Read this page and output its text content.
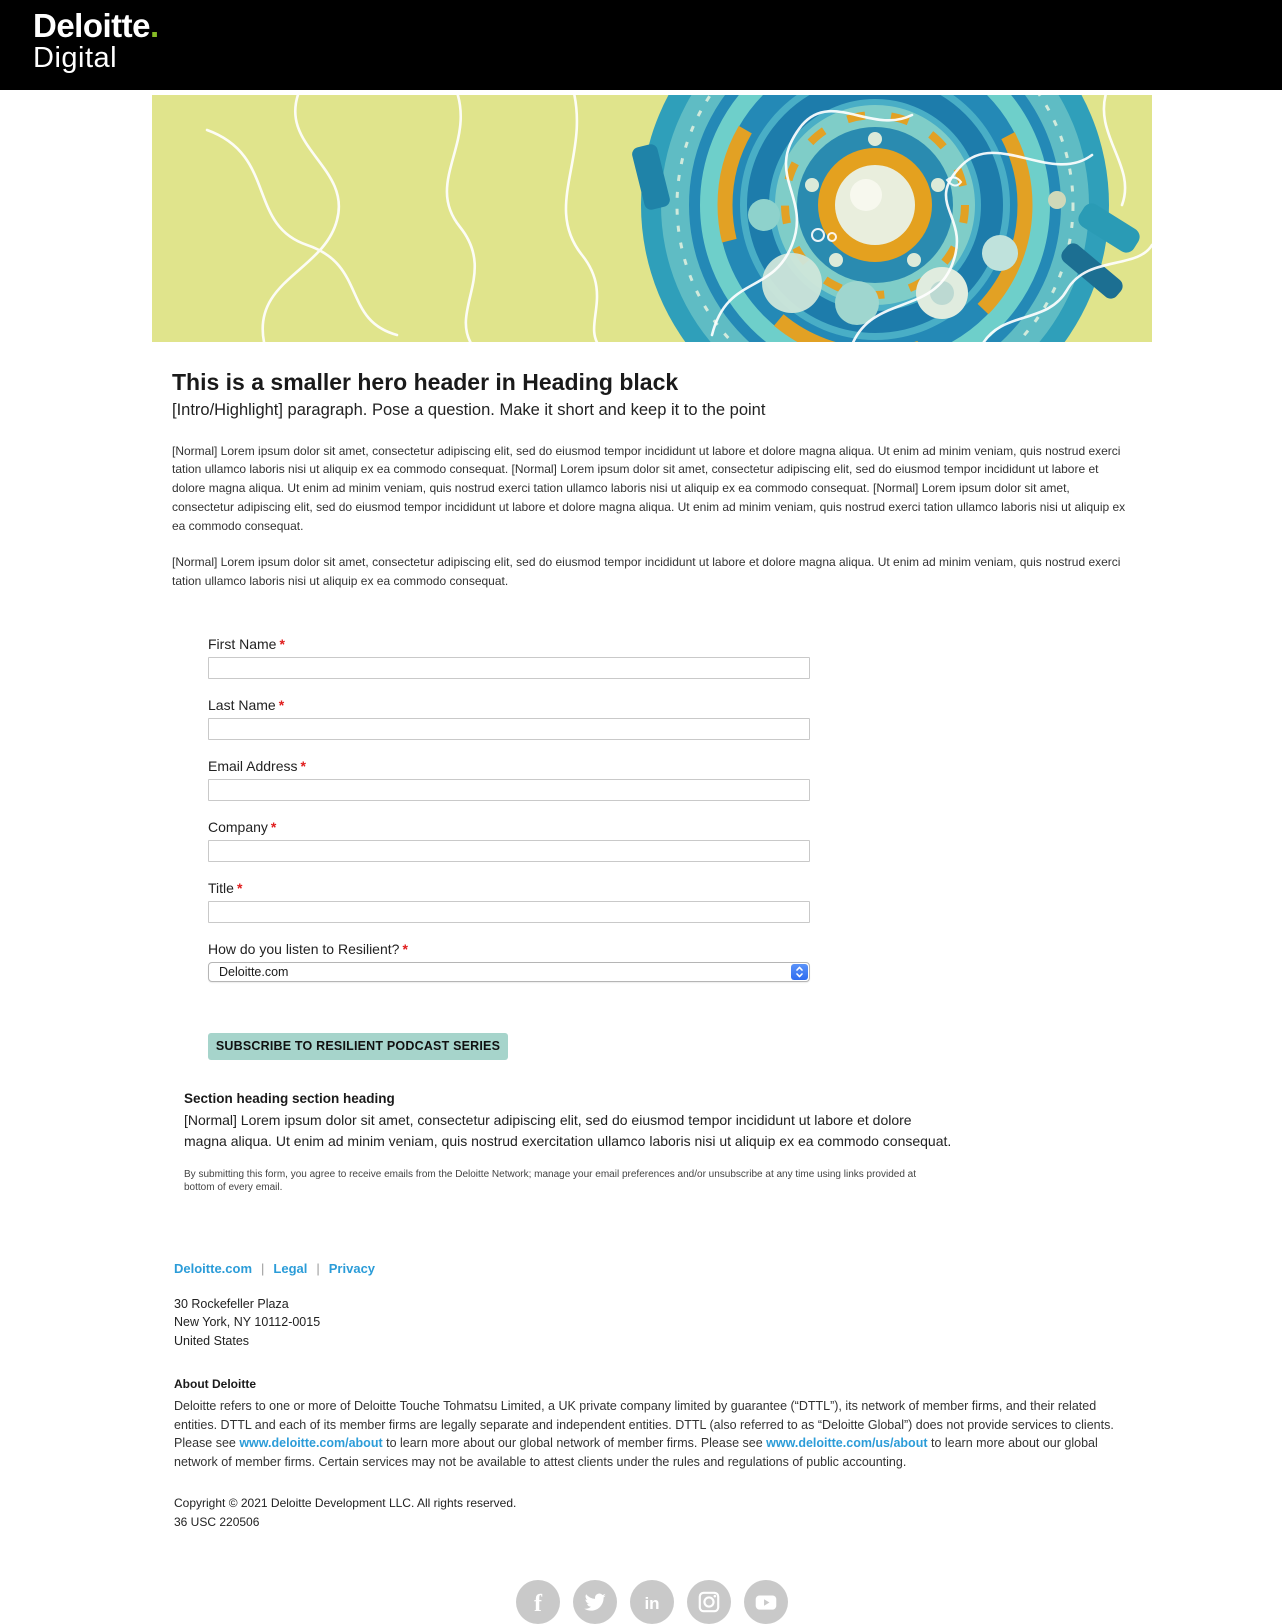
Deloitte.
Digital
This is a smaller hero header in Heading black
[Intro/Highlight] paragraph. Pose a question. Make it short and keep it to the point

[Normal] Lorem ipsum dolor sit amet, consectetur adipiscing elit, sed do eiusmod tempor incididunt ut labore et dolore magna aliqua. Ut enim ad minim veniam, quis nostrud exerci tation ullamco laboris nisi ut aliquip ex ea commodo consequat. [Normal] Lorem ipsum dolor sit amet, consectetur adipiscing elit, sed do eiusmod tempor incididunt ut labore et dolore magna aliqua. Ut enim ad minim veniam, quis nostrud exerci tation ullamco laboris nisi ut aliquip ex ea commodo consequat. [Normal] Lorem ipsum dolor sit amet, consectetur adipiscing elit, sed do eiusmod tempor incididunt ut labore et dolore magna aliqua. Ut enim ad minim veniam, quis nostrud exerci tation ullamco laboris nisi ut aliquip ex ea commodo consequat.

[Normal] Lorem ipsum dolor sit amet, consectetur adipiscing elit, sed do eiusmod tempor incididunt ut labore et dolore magna aliqua. Ut enim ad minim veniam, quis nostrud exerci tation ullamco laboris nisi ut aliquip ex ea commodo consequat.

First Name *
Last Name *
Email Address *
Company *
Title *
How do you listen to Resilient? *
Deloitte.com
SUBSCRIBE TO RESILIENT PODCAST SERIES
Section heading section heading
[Normal] Lorem ipsum dolor sit amet, consectetur adipiscing elit, sed do eiusmod tempor incididunt ut labore et dolore magna aliqua. Ut enim ad minim veniam, quis nostrud exercitation ullamco laboris nisi ut aliquip ex ea commodo consequat.
By submitting this form, you agree to receive emails from the Deloitte Network; manage your email preferences and/or unsubscribe at any time using links provided at bottom of every email.
Deloitte.com | Legal | Privacy
30 Rockefeller Plaza
New York, NY 10112-0015
United States
About Deloitte
Deloitte refers to one or more of Deloitte Touche Tohmatsu Limited, a UK private company limited by guarantee (“DTTL”), its network of member firms, and their related entities. DTTL and each of its member firms are legally separate and independent entities. DTTL (also referred to as “Deloitte Global”) does not provide services to clients. Please see www.deloitte.com/about to learn more about our global network of member firms. Please see www.deloitte.com/us/about to learn more about our global network of member firms. Certain services may not be available to attest clients under the rules and regulations of public accounting.
Copyright © 2021 Deloitte Development LLC. All rights reserved.
36 USC 220506
f	in
